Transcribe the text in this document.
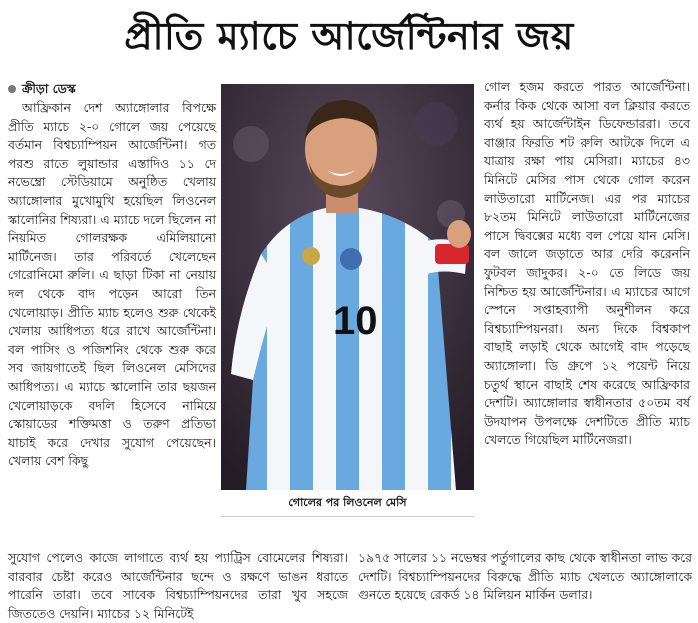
প্রীতি ম্যাচে আর্জেন্টিনার জয়
ক্রীড়া ডেস্ক

আফ্রিকান দেশ অ্যাঙ্গোলার বিপক্ষে প্রীতি ম্যাচে ২-০ গোলে জয় পেয়েছে বর্তমান বিশ্বচ্যাম্পিয়ন আর্জেন্টিনা। গত পরশু রাতে লুয়ান্ডার এস্তাদিও ১১ দে নভেম্ব্রো স্টেডিয়ামে অনুষ্ঠিত খেলায় অ্যাঙ্গোলার মুখোমুখি হয়েছিল লিওনেল স্কালোনির শিষ্যরা। এ ম্যাচে দলে ছিলেন না নিয়মিত গোলরক্ষক এমিলিয়ানো মার্টিনেজ। তার পরিবর্তে খেলেছেন গেরোনিমো রুলি। এ ছাড়া টিকা না নেয়ায় দল থেকে বাদ পড়েন আরো তিন খেলোয়াড়। প্রীতি ম্যাচ হলেও শুরু থেকেই খেলায় আধিপত্য ধরে রাখে আর্জেন্টিনা। বল পাসিং ও পজিশনিং থেকে শুরু করে সব জায়গাতেই ছিল লিওনেল মেসিদের আধিপত্য। এ ম্যাচে স্কালোনি তার ছয়জন খেলোয়াড়কে বদলি হিসেবে নামিয়ে স্কোয়াডের শক্তিমত্তা ও তরুণ প্রতিভা যাচাই করে দেখার সুযোগ পেয়েছেন। খেলায় বেশ কিছু

10
গোলের পর লিওনেল মেসি

গোল হজম করতে পারত আর্জেন্টিনা। কর্নার কিক থেকে আসা বল ক্লিয়ার করতে ব্যর্থ হয় আর্জেন্টাইন ডিফেন্ডাররা। তবে বাঞ্জার ফিরতি শট রুলি আটকে দিলে এ যাত্রায় রক্ষা পায় মেসিরা। ম্যাচের ৪৩ মিনিটে মেসির পাস থেকে গোল করেন লাউতারো মার্টিনেজ। এর পর ম্যাচের ৮২তম মিনিটে লাউতারো মার্টিনেজের পাসে দ্বিবক্সের মধ্যে বল পেয়ে যান মেসি। বল জালে জড়াতে আর দেরি করেননি ফুটবল জাদুকর। ২-০ তে লিডে জয় নিশ্চিত হয় আর্জেন্টিনার। এ ম্যাচের আগে স্পেনে সপ্তাহব্যাপী অনুশীলন করে বিশ্বচ্যাম্পিয়নরা। অন্য দিকে বিশ্বকাপ বাছাই লড়াই থেকে আগেই বাদ পড়েছে অ্যাঙ্গোলা। ডি গ্রুপে ১২ পয়েন্ট নিয়ে চতুর্থ স্থানে বাছাই শেষ করেছে আফ্রিকার দেশটি। অ্যাঙ্গোলার স্বাধীনতার ৫০তম বর্ষ উদযাপন উপলক্ষে দেশটিতে প্রীতি ম্যাচ খেলতে গিয়েছিল মার্টিনেজরা।

সুযোগ পেলেও কাজে লাগাতে ব্যর্থ হয় প্যাট্রিস বোমেলের শিষ্যরা। বারবার চেষ্টা করেও আর্জেন্টিনার ছন্দে ও রক্ষণে ভাঙন ধরাতে পারেনি তারা। তবে সাবেক বিশ্বচ্যাম্পিয়নদের তারা খুব সহজে জিততেও দেয়নি। ম্যাচের ১২ মিনিটেই

১৯৭৫ সালের ১১ নভেম্বর পর্তুগালের কাছ থেকে স্বাধীনতা লাভ করে দেশটি। বিশ্বচ্যাম্পিয়নদের বিরুদ্ধে প্রীতি ম্যাচ খেলতে অ্যাঙ্গোলাকে গুনতে হয়েছে রেকর্ড ১৪ মিলিয়ন মার্কিন ডলার।
